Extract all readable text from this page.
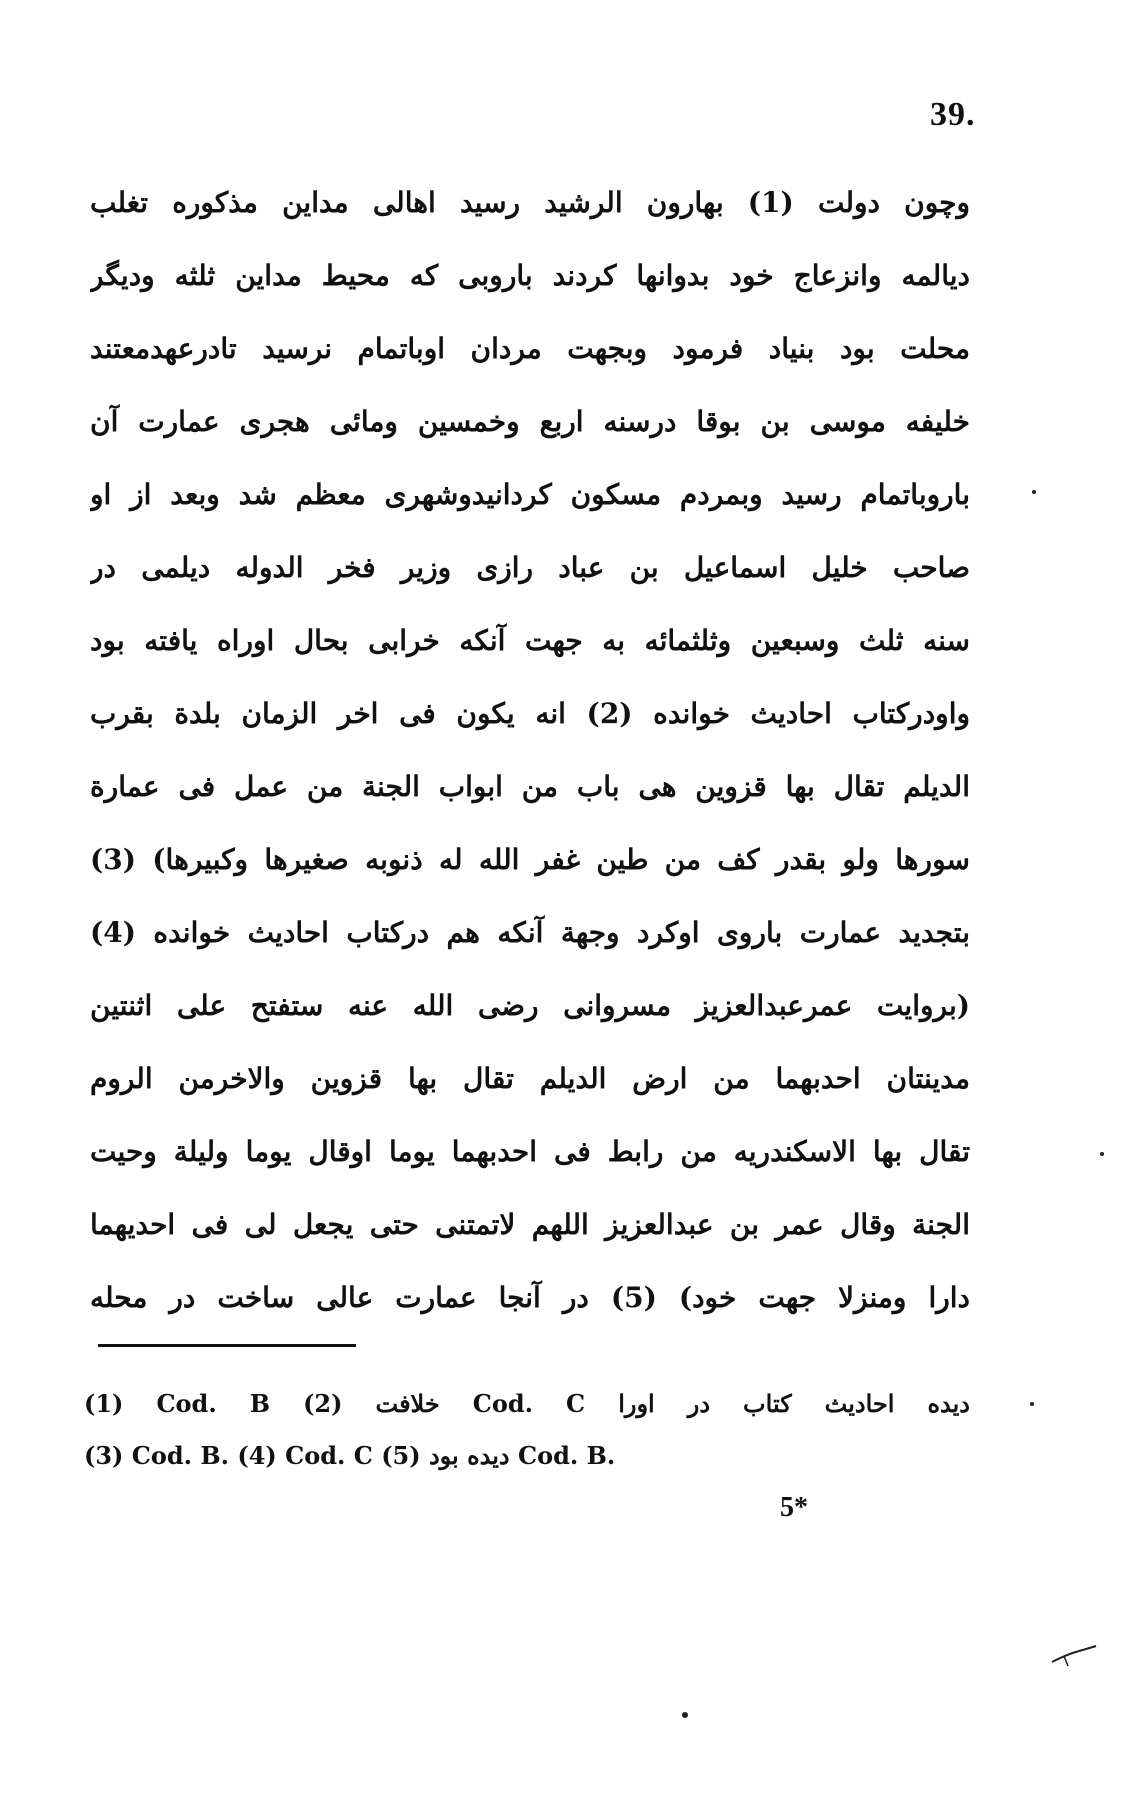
39.
وچون دولت (1) بهارون الرشيد رسيد اهالی مداين مذکوره تغلب
ديالمه وانزعاج خود بدوانها کردند باروبی که محيط مداين ثلثه وديگر
محلت بود بنياد فرمود وبجهت مردان اوباتمام نرسيد تادرعهدمعتند
خليفه موسی بن بوقا درسنه اربع وخمسين ومائی هجری عمارت آن
باروباتمام رسيد وبمردم مسکون کردانيدوشهری معظم شد وبعد از او
صاحب خليل اسماعيل بن عباد رازی وزير فخر الدوله ديلمی در
سنه ثلث وسبعين وثلثمائه به جهت آنکه خرابی بحال اوراه يافته بود
واودرکتاب احاديث خوانده (2) انه يکون فی اخر الزمان بلدة بقرب
الديلم تقال بها قزوين هی باب من ابواب الجنة من عمل فی عمارة
سورها ولو بقدر کف من طين غفر الله له ذنوبه صغيرها وکبيرها) (3)
بتجديد عمارت باروی اوکرد وجهة آنکه هم درکتاب احاديث خوانده (4)
(بروايت عمرعبدالعزيز مسروانی رضی الله عنه ستفتح علی اثنتين
مدينتان احدبهما من ارض الديلم تقال بها قزوين والاخرمن الروم
تقال بها الاسکندريه من رابط فی احدبهما يوما اوقال يوما وليلة وحيت
الجنة وقال عمر بن عبدالعزيز اللهم لاتمتنی حتی يجعل لی فی احديهما
دارا ومنزلا جهت خود) (5) در آنجا عمارت عالی ساخت در محله
(1) Cod. B خلافت (2) Cod. C ديده احاديث کتاب در اورا
(3) Cod. B. (4) Cod. C ديده بود (5) Cod. B.
5*
